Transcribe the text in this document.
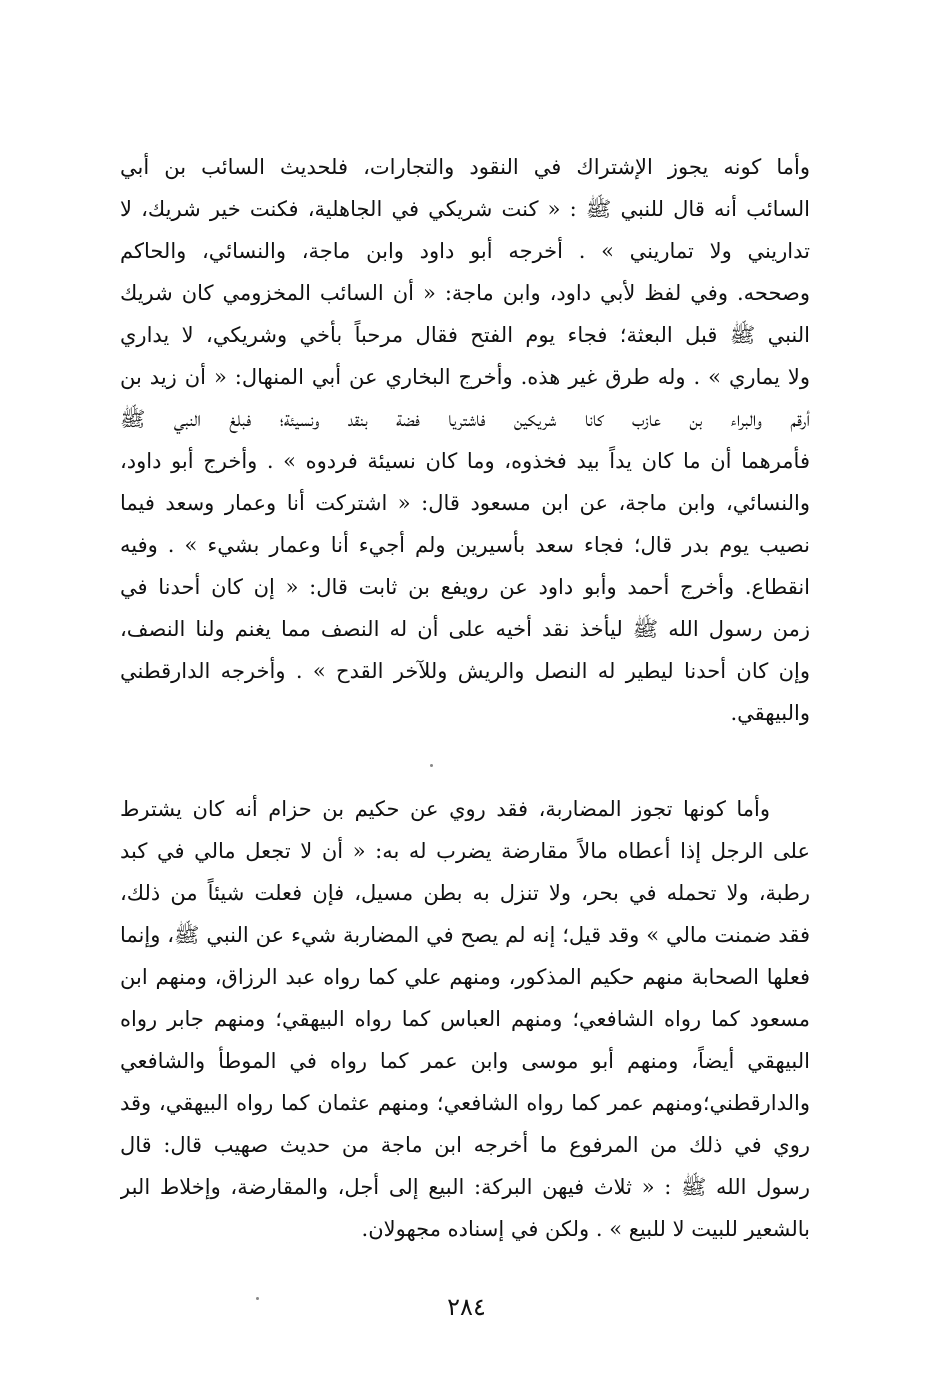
وأما كونه يجوز الإشتراك في النقود والتجارات، فلحديث السائب بن أبي
السائب أنه قال للنبي ﷺ : « كنت شريكي في الجاهلية، فكنت خير شريك، لا
تداريني ولا تماريني » . أخرجه أبو داود وابن ماجة، والنسائي، والحاكم
وصححه. وفي لفظ لأبي داود، وابن ماجة: « أن السائب المخزومي كان شريك
النبي ﷺ قبل البعثة؛ فجاء يوم الفتح فقال مرحباً بأخي وشريكي، لا يداري
ولا يماري » . وله طرق غير هذه. وأخرج البخاري عن أبي المنهال: « أن زيد بن
أرقم والبراء بن عازب كانا شريكين فاشتريا فضة بنقد ونسيئة؛ فبلغ النبي ﷺ
فأمرهما أن ما كان يداً بيد فخذوه، وما كان نسيئة فردوه » . وأخرج أبو داود،
والنسائي، وابن ماجة، عن ابن مسعود قال: « اشتركت أنا وعمار وسعد فيما
نصيب يوم بدر قال؛ فجاء سعد بأسيرين ولم أجيء أنا وعمار بشيء » . وفيه
انقطاع. وأخرج أحمد وأبو داود عن رويفع بن ثابت قال: « إن كان أحدنا في
زمن رسول الله ﷺ ليأخذ نقد أخيه على أن له النصف مما يغنم ولنا النصف،
وإن كان أحدنا ليطير له النصل والريش وللآخر القدح » . وأخرجه الدارقطني
والبيهقي.
وأما كونها تجوز المضاربة، فقد روي عن حكيم بن حزام أنه كان يشترط
على الرجل إذا أعطاه مالاً مقارضة يضرب له به: « أن لا تجعل مالي في كبد
رطبة، ولا تحمله في بحر، ولا تنزل به بطن مسيل، فإن فعلت شيئاً من ذلك،
فقد ضمنت مالي » وقد قيل؛ إنه لم يصح في المضاربة شيء عن النبي ﷺ، وإنما
فعلها الصحابة منهم حكيم المذكور، ومنهم علي كما رواه عبد الرزاق، ومنهم ابن
مسعود كما رواه الشافعي؛ ومنهم العباس كما رواه البيهقي؛ ومنهم جابر رواه
البيهقي أيضاً، ومنهم أبو موسى وابن عمر كما رواه في الموطأ والشافعي
والدارقطني؛ومنهم عمر كما رواه الشافعي؛ ومنهم عثمان كما رواه البيهقي، وقد
روي في ذلك من المرفوع ما أخرجه ابن ماجة من حديث صهيب قال: قال
رسول الله ﷺ : « ثلاث فيهن البركة: البيع إلى أجل، والمقارضة، وإخلاط البر
بالشعير للبيت لا للبيع » . ولكن في إسناده مجهولان.
٢٨٤
